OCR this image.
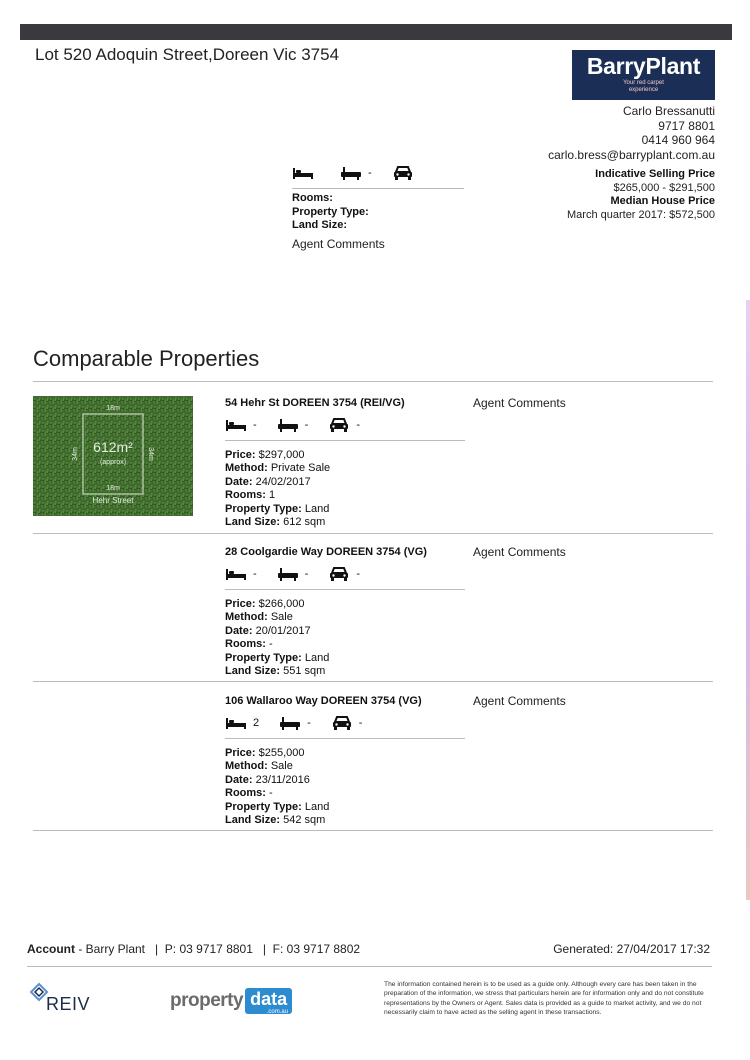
Lot 520 Adoquin Street,Doreen Vic 3754	BarryPlant
Your red carpet
experience
Carlo Bressanutti
9717 8801
0414 960 964
carlo.bress@barryplant.com.au
Indicative Selling Price
$265,000 - $291,500
Median House Price
March quarter 2017: $572,500
-
Rooms:
Property Type:
Land Size:
Agent Comments
Comparable Properties
18m
612m²
(approx)
18m
Hehr Street
34m	34m
54 Hehr St DOREEN 3754 (REI/VG)
-	-	-
Price: $297,000
Method: Private Sale
Date: 24/02/2017
Rooms: 1
Property Type: Land
Land Size: 612 sqm
Agent Comments
28 Coolgardie Way DOREEN 3754 (VG)
-	-	-
Price: $266,000
Method: Sale
Date: 20/01/2017
Rooms: -
Property Type: Land
Land Size: 551 sqm
Agent Comments
106 Wallaroo Way DOREEN 3754 (VG)
2	-	-
Price: $255,000
Method: Sale
Date: 23/11/2016
Rooms: -
Property Type: Land
Land Size: 542 sqm
Agent Comments
Account - Barry Plant   |  P: 03 9717 8801   |  F: 03 9717 8802	Generated: 27/04/2017 17:32
REIV	property data
.com.au
The information contained herein is to be used as a guide only. Although every care has been taken in the preparation of the information, we stress that particulars herein are for information only and do not constitute representations by the Owners or Agent. Sales data is provided as a guide to market activity, and we do not necessarily claim to have acted as the selling agent in these transactions.
